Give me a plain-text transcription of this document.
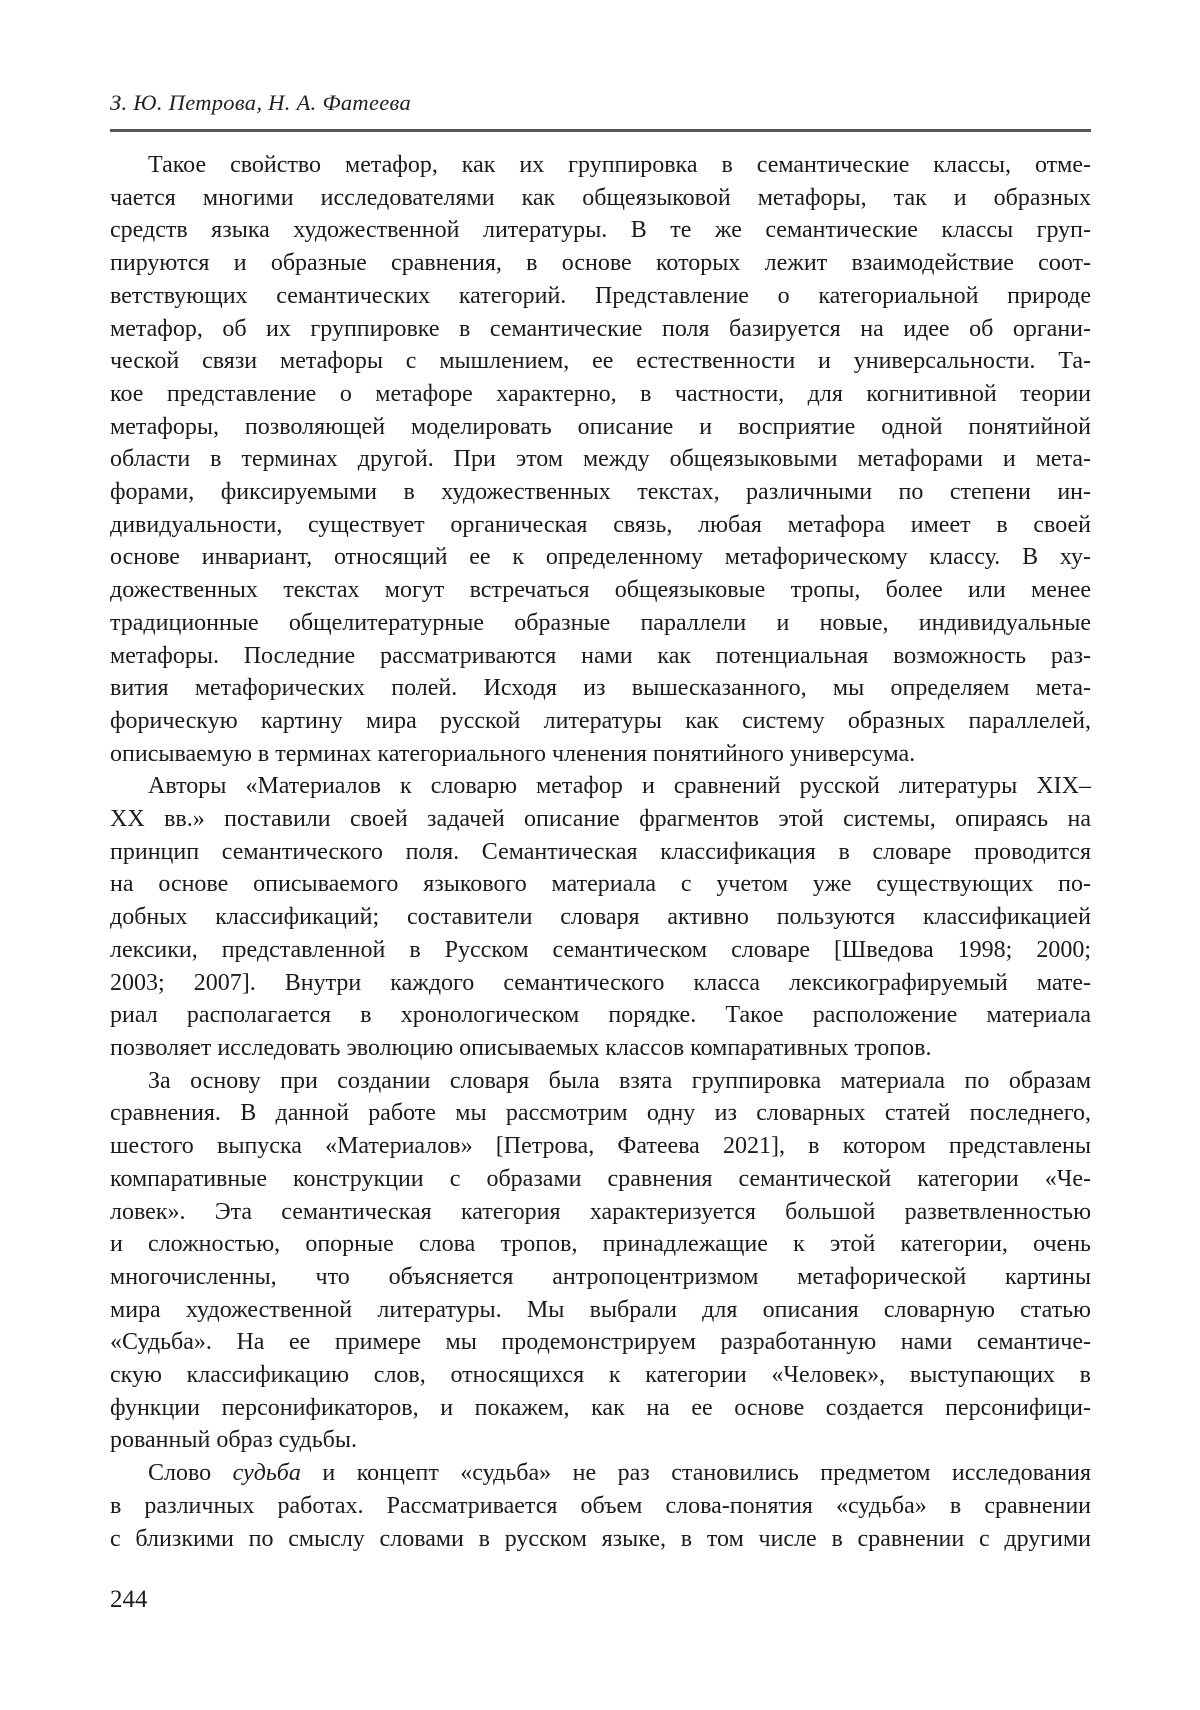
З. Ю. Петрова, Н. А. Фатеева
Такое свойство метафор, как их группировка в семантические классы, отме-
чается многими исследователями как общеязыковой метафоры, так и образных
средств языка художественной литературы. В те же семантические классы груп-
пируются и образные сравнения, в основе которых лежит взаимодействие соот-
ветствующих семантических категорий. Представление о категориальной природе
метафор, об их группировке в семантические поля базируется на идее об органи-
ческой связи метафоры с мышлением, ее естественности и универсальности. Та-
кое представление о метафоре характерно, в частности, для когнитивной теории
метафоры, позволяющей моделировать описание и восприятие одной понятийной
области в терминах другой. При этом между общеязыковыми метафорами и мета-
форами, фиксируемыми в художественных текстах, различными по степени ин-
дивидуальности, существует органическая связь, любая метафора имеет в своей
основе инвариант, относящий ее к определенному метафорическому классу. В ху-
дожественных текстах могут встречаться общеязыковые тропы, более или менее
традиционные общелитературные образные параллели и новые, индивидуальные
метафоры. Последние рассматриваются нами как потенциальная возможность раз-
вития метафорических полей. Исходя из вышесказанного, мы определяем мета-
форическую картину мира русской литературы как систему образных параллелей,
описываемую в терминах категориального членения понятийного универсума.
Авторы «Материалов к словарю метафор и сравнений русской литературы XIX–
XX вв.» поставили своей задачей описание фрагментов этой системы, опираясь на
принцип семантического поля. Семантическая классификация в словаре проводится
на основе описываемого языкового материала с учетом уже существующих по-
добных классификаций; составители словаря активно пользуются классификацией
лексики, представленной в Русском семантическом словаре [Шведова 1998; 2000;
2003; 2007]. Внутри каждого семантического класса лексикографируемый мате-
риал располагается в хронологическом порядке. Такое расположение материала
позволяет исследовать эволюцию описываемых классов компаративных тропов.
За основу при создании словаря была взята группировка материала по образам
сравнения. В данной работе мы рассмотрим одну из словарных статей последнего,
шестого выпуска «Материалов» [Петрова, Фатеева 2021], в котором представлены
компаративные конструкции с образами сравнения семантической категории «Че-
ловек». Эта семантическая категория характеризуется большой разветвленностью
и сложностью, опорные слова тропов, принадлежащие к этой категории, очень
многочисленны, что объясняется антропоцентризмом метафорической картины
мира художественной литературы. Мы выбрали для описания словарную статью
«Судьба». На ее примере мы продемонстрируем разработанную нами семантиче-
скую классификацию слов, относящихся к категории «Человек», выступающих в
функции персонификаторов, и покажем, как на ее основе создается персонифици-
рованный образ судьбы.
Слово судьба и концепт «судьба» не раз становились предметом исследования
в различных работах. Рассматривается объем слова-понятия «судьба» в сравнении
с близкими по смыслу словами в русском языке, в том числе в сравнении с другими
244
